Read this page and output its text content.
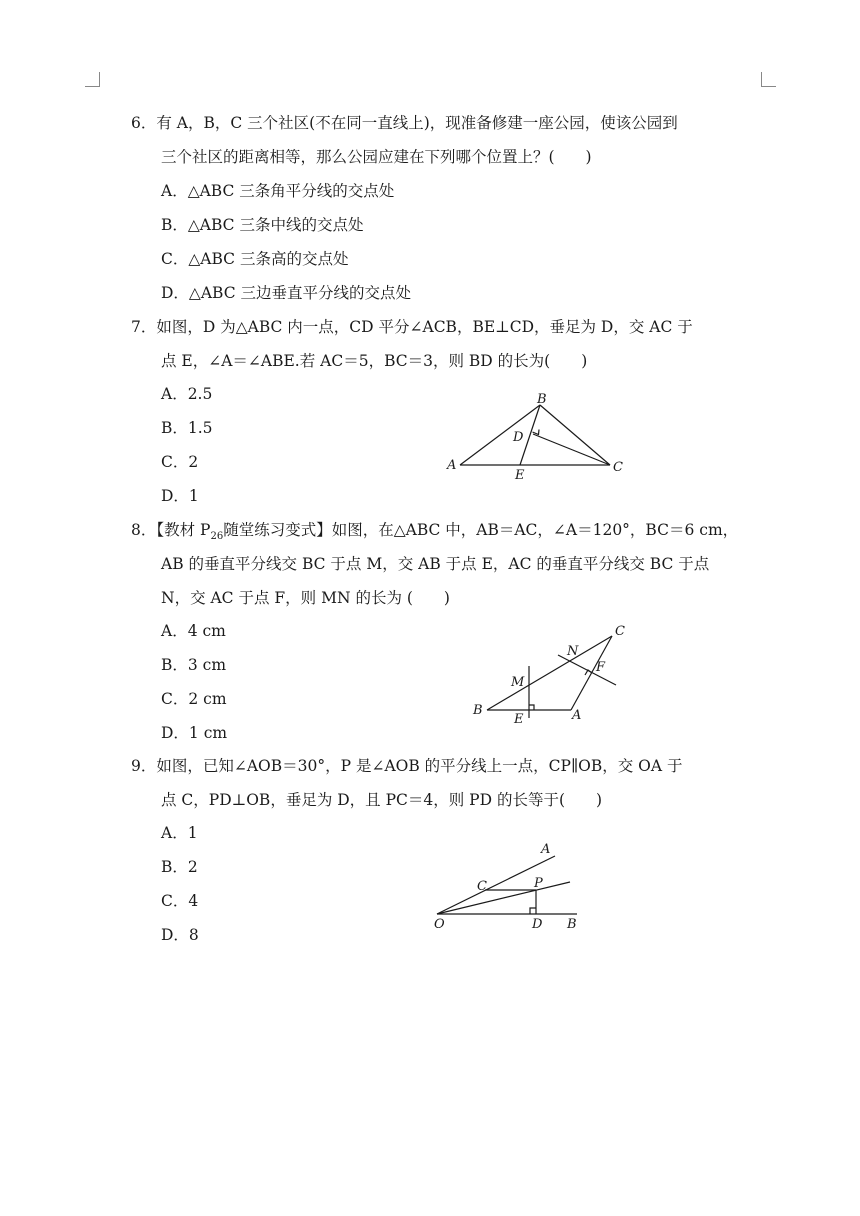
6．有 A，B，C 三个社区(不在同一直线上)，现准备修建一座公园，使该公园到
三个社区的距离相等，那么公园应建在下列哪个位置上？(　　)
A．△ABC 三条角平分线的交点处
B．△ABC 三条中线的交点处
C．△ABC 三条高的交点处
D．△ABC 三边垂直平分线的交点处
7．如图，D 为△ABC 内一点，CD 平分∠ACB，BE⊥CD，垂足为 D，交 AC 于
点 E，∠A＝∠ABE.若 AC＝5，BC＝3，则 BD 的长为(　　)
A．2.5
B．1.5
C．2
D．1
B
D
A	C
E
8．【教材 $P_{26}$随堂练习变式】如图，在△ABC 中，AB＝AC，∠A＝120°，BC＝6 cm，
AB 的垂直平分线交 BC 于点 M，交 AB 于点 E，AC 的垂直平分线交 BC 于点
N，交 AC 于点 F，则 MN 的长为 (　　)
A．4 cm
B．3 cm
C．2 cm
D．1 cm
C
N
F
M
B
E	A
9．如图，已知∠AOB＝30°，P 是∠AOB 的平分线上一点，CP∥OB，交 OA 于
点 C，PD⊥OB，垂足为 D，且 PC＝4，则 PD 的长等于(　　)
A．1
B．2
C．4
D．8
A
C	P
O	D B
